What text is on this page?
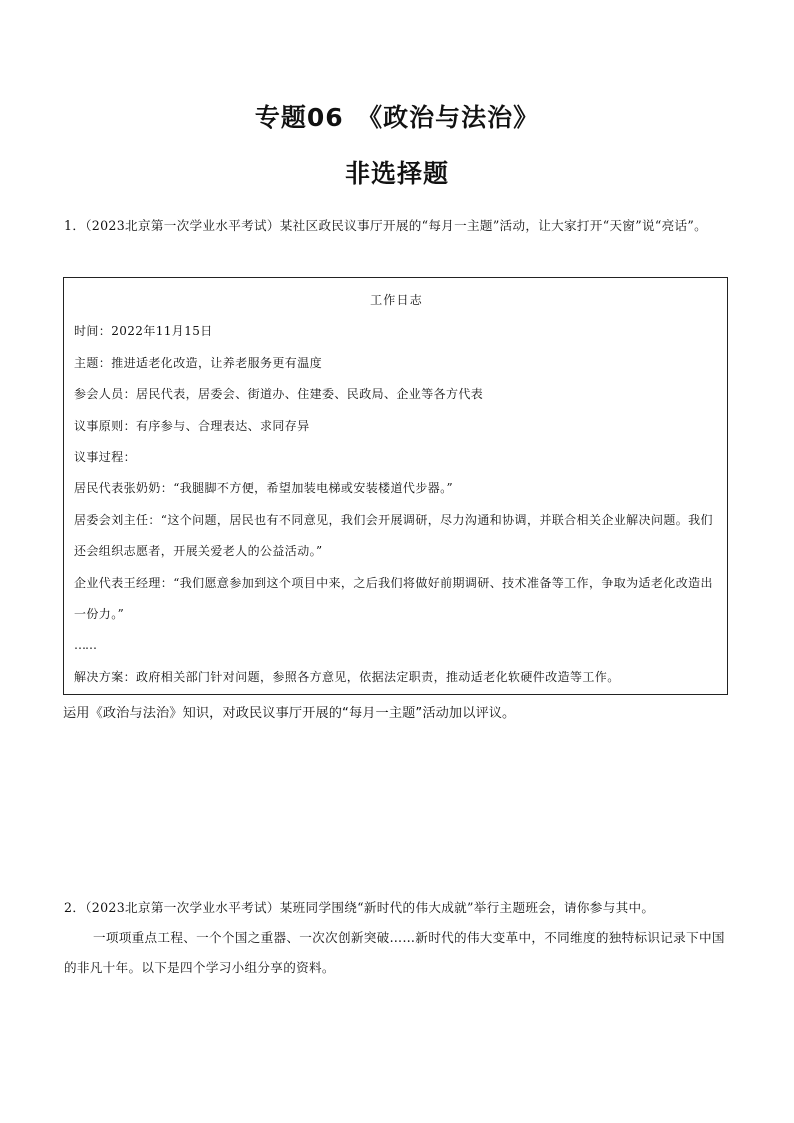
专题06　《政治与法治》
非选择题

1．（2023北京第一次学业水平考试）某社区政民议事厅开展的“每月一主题”活动，让大家打开“天窗”说“亮话”。

工作日志
时间：2022年11月15日
主题：推进适老化改造，让养老服务更有温度
参会人员：居民代表，居委会、街道办、住建委、民政局、企业等各方代表
议事原则：有序参与、合理表达、求同存异
议事过程：
居民代表张奶奶：“我腿脚不方便，希望加装电梯或安装楼道代步器。”
居委会刘主任：“这个问题，居民也有不同意见，我们会开展调研，尽力沟通和协调，并联合相关企业解决问题。我们还会组织志愿者，开展关爱老人的公益活动。”
企业代表王经理：“我们愿意参加到这个项目中来，之后我们将做好前期调研、技术准备等工作，争取为适老化改造出一份力。”
……
解决方案：政府相关部门针对问题，参照各方意见，依据法定职责，推动适老化软硬件改造等工作。
运用《政治与法治》知识，对政民议事厅开展的“每月一主题”活动加以评议。

2．（2023北京第一次学业水平考试）某班同学围绕“新时代的伟大成就”举行主题班会，请你参与其中。

一项项重点工程、一个个国之重器、一次次创新突破……新时代的伟大变革中，不同维度的独特标识记录下中国的非凡十年。以下是四个学习小组分享的资料。
